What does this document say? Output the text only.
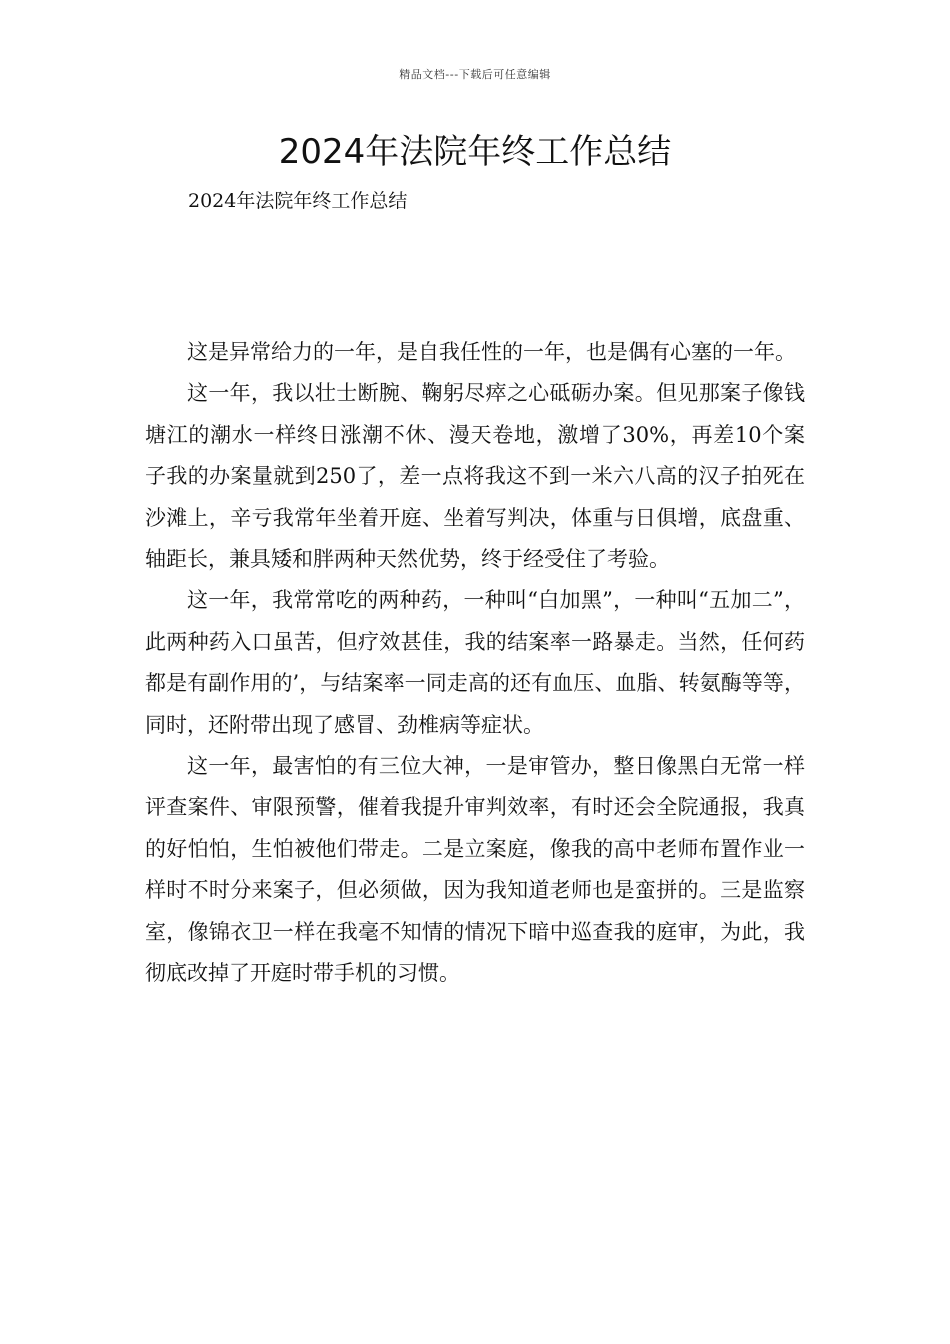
精品文档---下载后可任意编辑
2024年法院年终工作总结
2024年法院年终工作总结

这是异常给力的一年，是自我任性的一年，也是偶有心塞的一年。

这一年，我以壮士断腕、鞠躬尽瘁之心砥砺办案。但见那案子像钱塘江的潮水一样终日涨潮不休、漫天卷地，激增了30%，再差10个案子我的办案量就到250了，差一点将我这不到一米六八高的汉子拍死在沙滩上，辛亏我常年坐着开庭、坐着写判决，体重与日俱增，底盘重、轴距长，兼具矮和胖两种天然优势，终于经受住了考验。

这一年，我常常吃的两种药，一种叫“白加黑”，一种叫“五加二”，此两种药入口虽苦，但疗效甚佳，我的结案率一路暴走。当然，任何药都是有副作用的’，与结案率一同走高的还有血压、血脂、转氨酶等等，同时，还附带出现了感冒、劲椎病等症状。

这一年，最害怕的有三位大神，一是审管办，整日像黑白无常一样评查案件、审限预警，催着我提升审判效率，有时还会全院通报，我真的好怕怕，生怕被他们带走。二是立案庭，像我的高中老师布置作业一样时不时分来案子，但必须做，因为我知道老师也是蛮拼的。三是监察室，像锦衣卫一样在我毫不知情的情况下暗中巡查我的庭审，为此，我彻底改掉了开庭时带手机的习惯。
